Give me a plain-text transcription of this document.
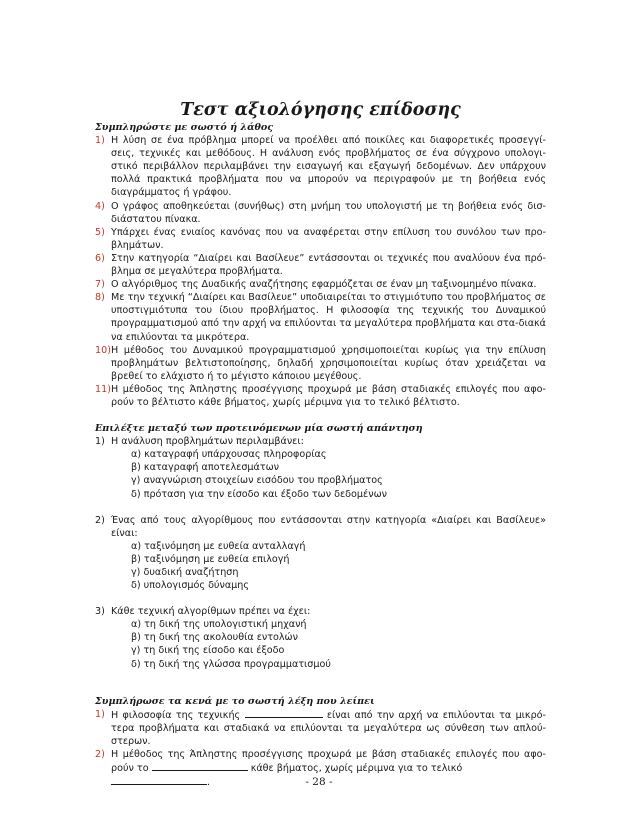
Τεστ αξιολόγησης επίδοσης
Συμπληρώστε με σωστό ή λάθος
1) Η λύση σε ένα πρόβλημα μπορεί να προέλθει από ποικίλες και διαφορετικές προσεγγί-σεις, τεχνικές και μεθόδους. Η ανάλυση ενός προβλήματος σε ένα σύγχρονο υπολογι-στικό περιβάλλον περιλαμβάνει την εισαγωγή και εξαγωγή δεδομένων. Δεν υπάρχουν πολλά πρακτικά προβλήματα που να μπορούν να περιγραφούν με τη βοήθεια ενός διαγράμματος ή γράφου.
4) Ο γράφος αποθηκεύεται (συνήθως) στη μνήμη του υπολογιστή με τη βοήθεια ενός δισ-διάστατου πίνακα.
5) Υπάρχει ένας ενιαίος κανόνας που να αναφέρεται στην επίλυση του συνόλου των προ-βλημάτων.
6) Στην κατηγορία “Διαίρει και Βασίλευε” εντάσσονται οι τεχνικές που αναλύουν ένα πρό-βλημα σε μεγαλύτερα προβλήματα.
7) Ο αλγόριθμος της Δυαδικής αναζήτησης εφαρμόζεται σε έναν μη ταξινομημένο πίνακα.
8) Με την τεχνική “Διαίρει και Βασίλευε” υποδιαιρείται το στιγμιότυπο του προβλήματος σε υποστιγμιότυπα του ίδιου προβλήματος. Η φιλοσοφία της τεχνικής του Δυναμικού προγραμματισμού από την αρχή να επιλύονται τα μεγαλύτερα προβλήματα και στα-διακά να επιλύονται τα μικρότερα.
10) Η μέθοδος του Δυναμικού προγραμματισμού χρησιμοποιείται κυρίως για την επίλυση προβλημάτων βελτιστοποίησης, δηλαδή χρησιμοποιείται κυρίως όταν χρειάζεται να βρεθεί το ελάχιστο ή το μέγιστο κάποιου μεγέθους.
11) Η μέθοδος της Άπληστης προσέγγισης προχωρά με βάση σταδιακές επιλογές που αφο-ρούν το βέλτιστο κάθε βήματος, χωρίς μέριμνα για το τελικό βέλτιστο.
Επιλέξτε μεταξύ των προτεινόμενων μία σωστή απάντηση
1) Η ανάλυση προβλημάτων περιλαμβάνει:
α) καταγραφή υπάρχουσας πληροφορίας
β) καταγραφή αποτελεσμάτων
γ) αναγνώριση στοιχείων εισόδου του προβλήματος
δ) πρόταση για την είσοδο και έξοδο των δεδομένων
2) Ένας από τους αλγορίθμους που εντάσσονται στην κατηγορία «Διαίρει και Βασίλευε» είναι:
α) ταξινόμηση με ευθεία ανταλλαγή
β) ταξινόμηση με ευθεία επιλογή
γ) δυαδική αναζήτηση
δ) υπολογισμός δύναμης
3) Κάθε τεχνική αλγορίθμων πρέπει να έχει:
α) τη δική της υπολογιστική μηχανή
β) τη δική της ακολουθία εντολών
γ) τη δική της είσοδο και έξοδο
δ) τη δική της γλώσσα προγραμματισμού
Συμπλήρωσε τα κενά με το σωστή λέξη που λείπει
1) Η φιλοσοφία της τεχνικής	είναι από την αρχή να επιλύονται τα μικρό-τερα προβλήματα και σταδιακά να επιλύονται τα μεγαλύτερα ως σύνθεση των απλού-στερων.
2) Η μέθοδος της Άπληστης προσέγγισης προχωρά με βάση σταδιακές επιλογές που αφο-ρούν το	κάθε βήματος, χωρίς μέριμνα για το τελικό
.	- 28 -
